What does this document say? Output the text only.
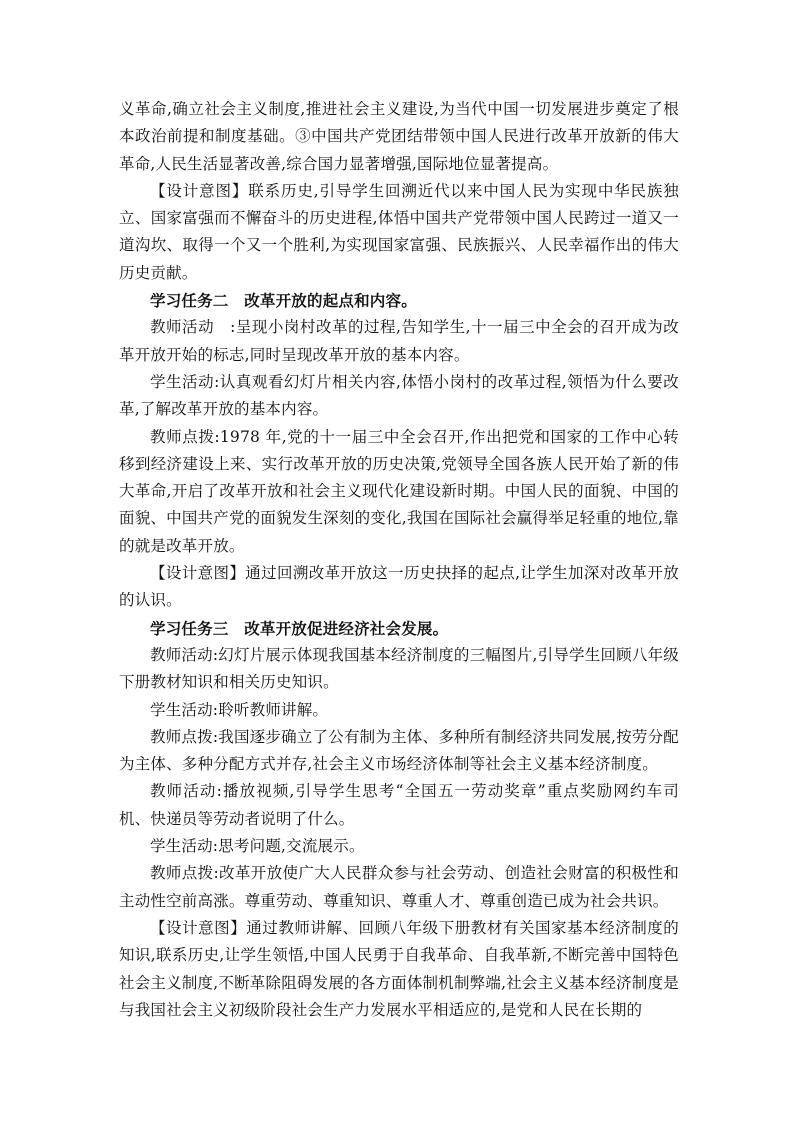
义革命,确立社会主义制度,推进社会主义建设,为当代中国一切发展进步奠定了根本政治前提和制度基础。③中国共产党团结带领中国人民进行改革开放新的伟大革命,人民生活显著改善,综合国力显著增强,国际地位显著提高。

【设计意图】联系历史,引导学生回溯近代以来中国人民为实现中华民族独立、国家富强而不懈奋斗的历史进程,体悟中国共产党带领中国人民跨过一道又一道沟坎、取得一个又一个胜利,为实现国家富强、民族振兴、人民幸福作出的伟大历史贡献。

学习任务二　改革开放的起点和内容。

教师活动　:呈现小岗村改革的过程,告知学生,十一届三中全会的召开成为改革开放开始的标志,同时呈现改革开放的基本内容。

学生活动:认真观看幻灯片相关内容,体悟小岗村的改革过程,领悟为什么要改革,了解改革开放的基本内容。

教师点拨:1978 年,党的十一届三中全会召开,作出把党和国家的工作中心转移到经济建设上来、实行改革开放的历史决策,党领导全国各族人民开始了新的伟大革命,开启了改革开放和社会主义现代化建设新时期。中国人民的面貌、中国的面貌、中国共产党的面貌发生深刻的变化,我国在国际社会赢得举足轻重的地位,靠的就是改革开放。

【设计意图】通过回溯改革开放这一历史抉择的起点,让学生加深对改革开放的认识。

学习任务三　改革开放促进经济社会发展。

教师活动:幻灯片展示体现我国基本经济制度的三幅图片,引导学生回顾八年级下册教材知识和相关历史知识。

学生活动:聆听教师讲解。

教师点拨:我国逐步确立了公有制为主体、多种所有制经济共同发展,按劳分配为主体、多种分配方式并存,社会主义市场经济体制等社会主义基本经济制度。

教师活动:播放视频,引导学生思考“全国五一劳动奖章”重点奖励网约车司机、快递员等劳动者说明了什么。

学生活动:思考问题,交流展示。

教师点拨:改革开放使广大人民群众参与社会劳动、创造社会财富的积极性和主动性空前高涨。尊重劳动、尊重知识、尊重人才、尊重创造已成为社会共识。

【设计意图】通过教师讲解、回顾八年级下册教材有关国家基本经济制度的知识,联系历史,让学生领悟,中国人民勇于自我革命、自我革新,不断完善中国特色社会主义制度,不断革除阻碍发展的各方面体制机制弊端,社会主义基本经济制度是与我国社会主义初级阶段社会生产力发展水平相适应的,是党和人民在长期的
